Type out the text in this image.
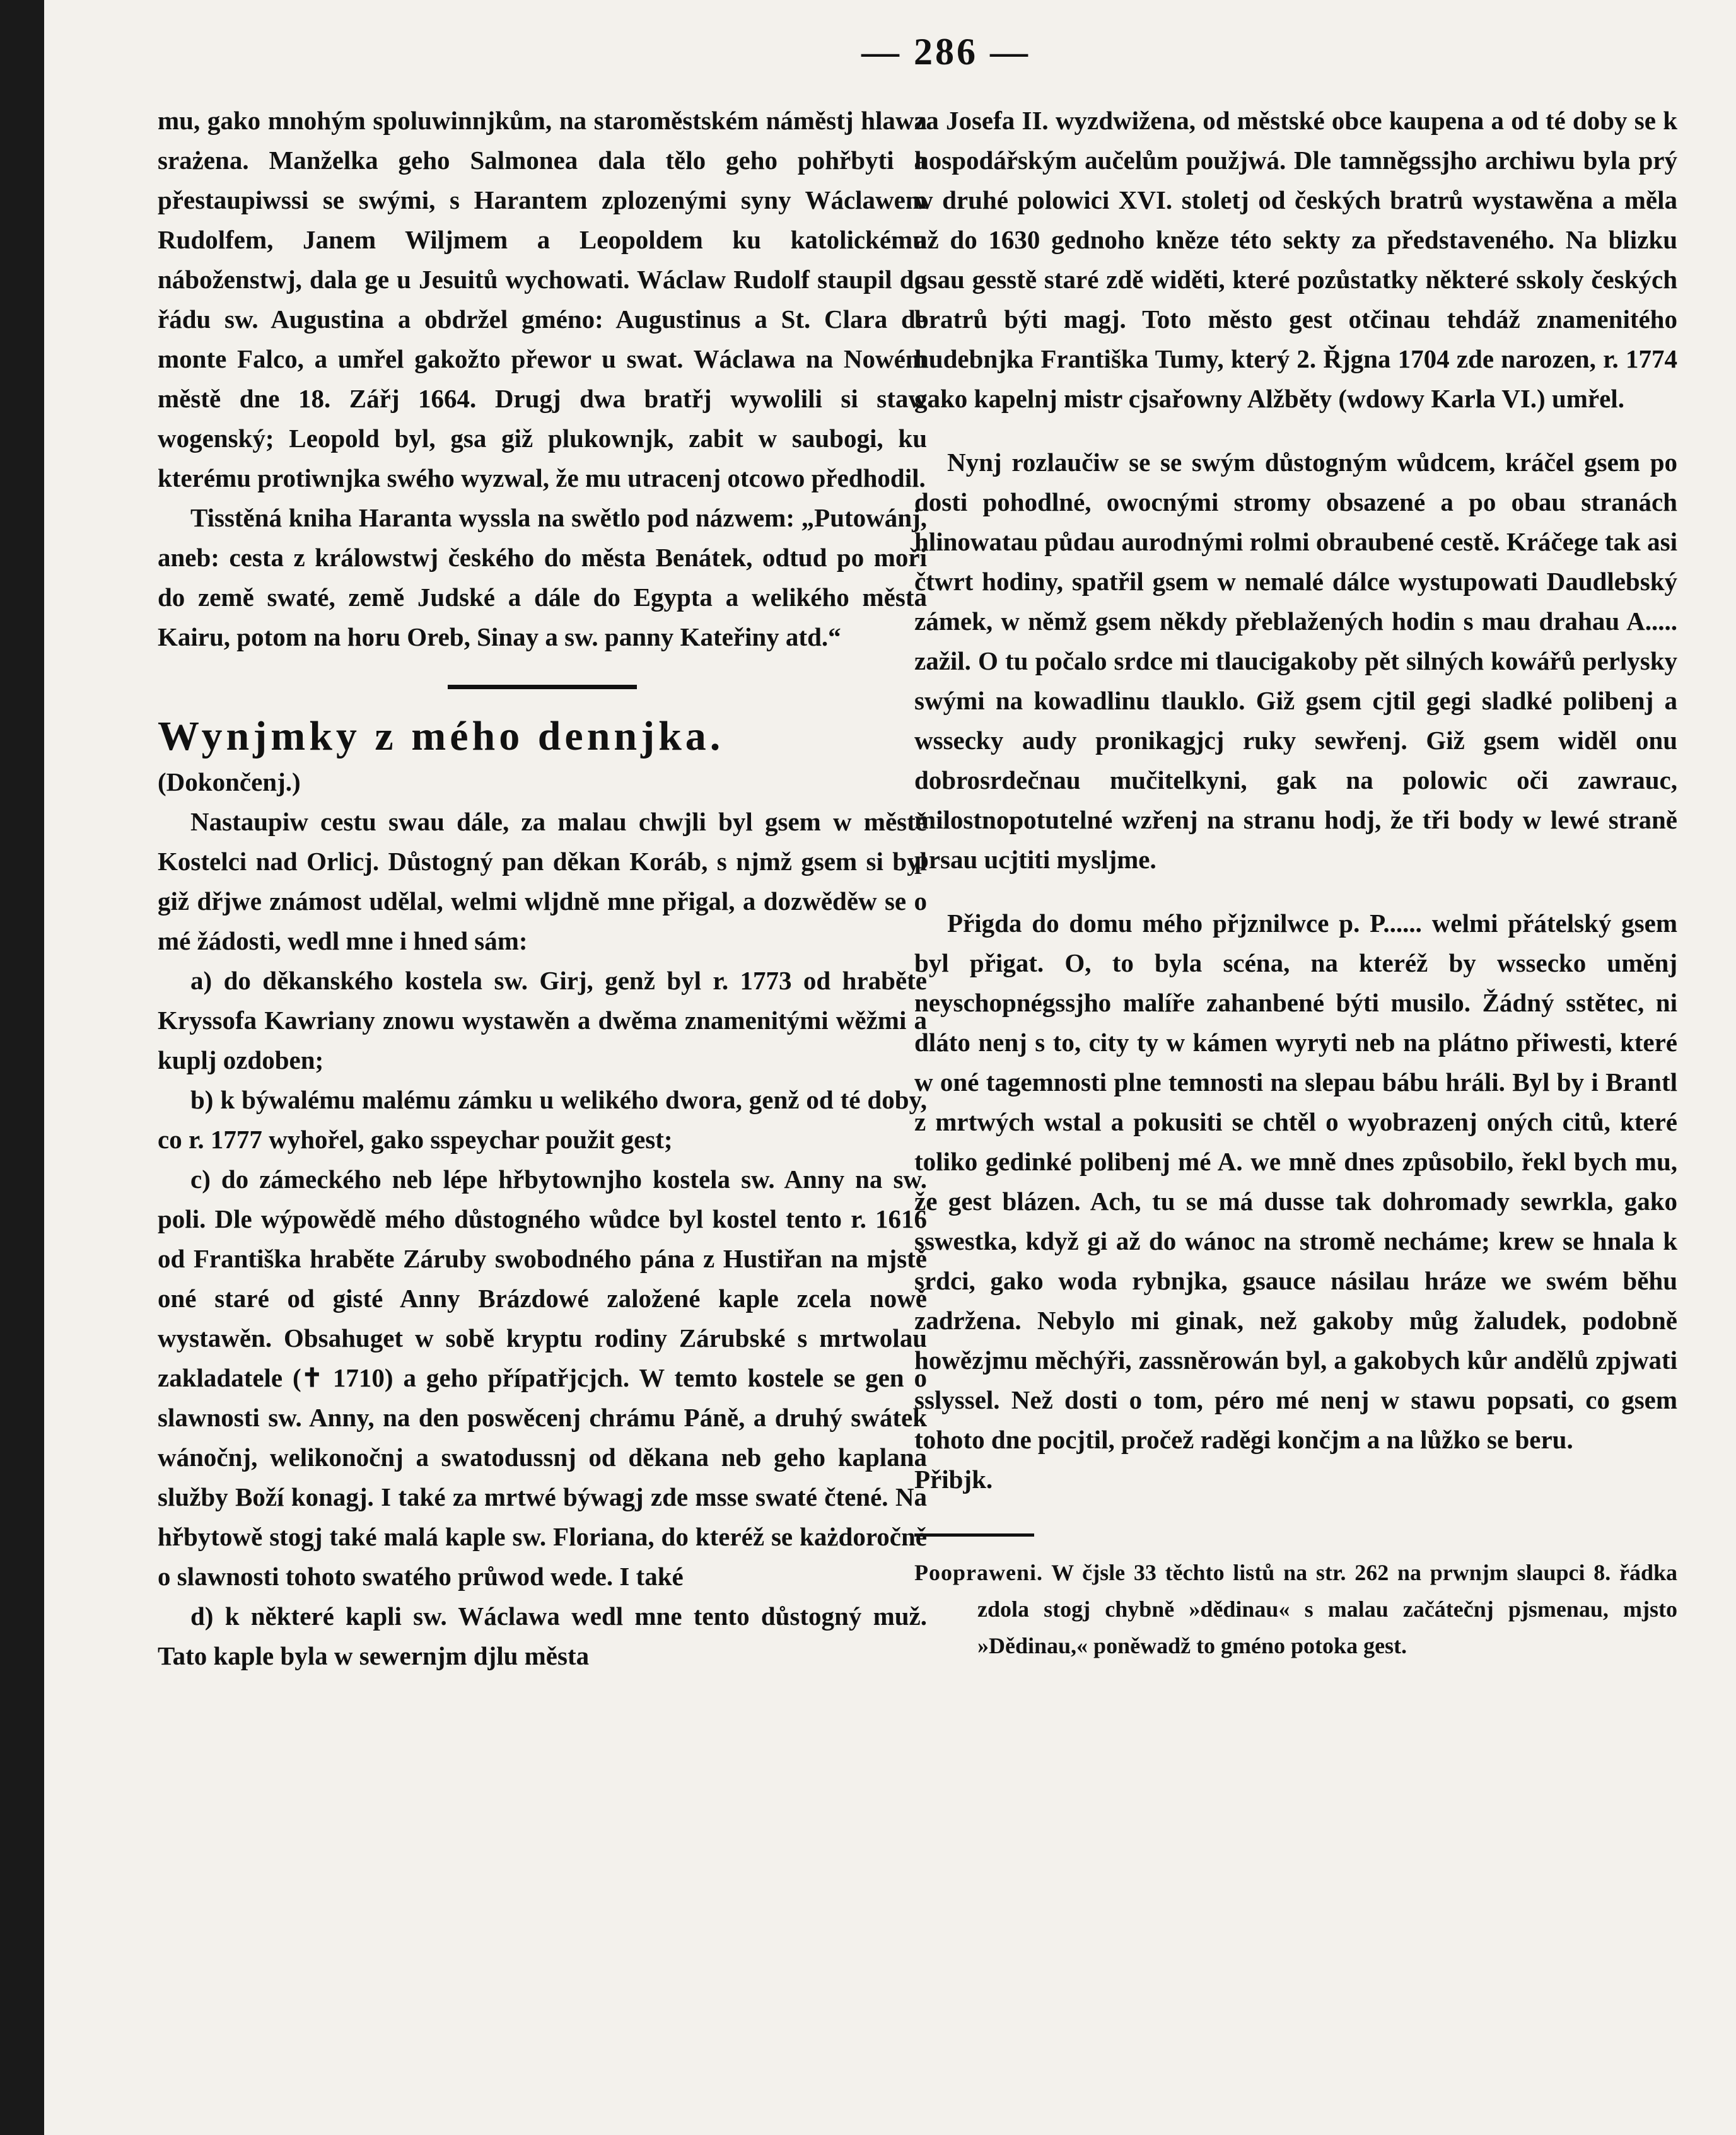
— 286 —

mu, gako mnohým spoluwinnjkům, na staroměstském náměstj hlawa srażena. Manželka geho Salmonea dala tělo geho pohřbyti a přestaupiwssi se swými, s Harantem zplozenými syny Wáclawem Rudolfem, Janem Wiljmem a Leopoldem ku katolickému náboženstwj, dala ge u Jesuitů wychowati. Wáclaw Rudolf staupil do řádu sw. Augustina a obdržel gméno: Augustinus a St. Clara de monte Falco, a umřel gakožto přewor u swat. Wáclawa na Nowém městě dne 18. Zářj 1664. Drugj dwa bratřj wywolili si staw wogenský; Leopold byl, gsa giž plukownjk, zabit w saubogi, ku kterému protiwnjka swého wyzwal, že mu utracenj otcowo předhodil.

Tisstěná kniha Haranta wyssla na swětlo pod názwem: „Putowánj, aneb: cesta z králowstwj českého do města Benátek, odtud po moři do země swaté, země Judské a dále do Egypta a welikého města Kairu, potom na horu Oreb, Sinay a sw. panny Kateřiny atd.“

Wynjmky z mého dennjka.

(Dokončenj.)

Nastaupiw cestu swau dále, za malau chwjli byl gsem w městě Kostelci nad Orlicj. Důstogný pan děkan Koráb, s njmž gsem si byl giž dřjwe známost udělal, welmi wljdně mne přigal, a dozwěděw se o mé žádosti, wedl mne i hned sám:

a) do děkanského kostela sw. Girj, genž byl r. 1773 od hraběte Kryssofa Kawriany znowu wystawěn a dwěma znamenitými wěžmi a kuplj ozdoben;

b) k býwalému malému zámku u welikého dwora, genž od té doby, co r. 1777 wyhořel, gako sspeychar použit gest;

c) do zámeckého neb lépe hřbytownjho kostela sw. Anny na sw. poli. Dle wýpowědě mého důstogného wůdce byl kostel tento r. 1616 od Františka hraběte Záruby swobodného pána z Hustiřan na mjstě oné staré od gisté Anny Brázdowé založené kaple zcela nowě wystawěn. Obsahuget w sobě kryptu rodiny Zárubské s mrtwolau zakladatele (✝ 1710) a geho přípatřjcjch. W temto kostele se gen o slawnosti sw. Anny, na den poswěcenj chrámu Páně, a druhý swátek wánočnj, welikonočnj a swatodussnj od děkana neb geho kaplana služby Boží konagj. I také za mrtwé býwagj zde msse swaté čtené. Na hřbytowě stogj také malá kaple sw. Floriana, do kteréž se każdoročně o slawnosti tohoto swatého průwod wede. I také

d) k některé kapli sw. Wáclawa wedl mne tento důstogný muž. Tato kaple byla w sewernjm djlu města

za Josefa II. wyzdwižena, od městské obce kaupena a od té doby se k hospodářským aučelům použjwá. Dle tamněgssjho archiwu byla prý w druhé polowici XVI. stoletj od českých bratrů wystawěna a měla až do 1630 gednoho kněze této sekty za představeného. Na blizku gsau gesstě staré zdě widěti, které pozůstatky některé sskoly českých bratrů býti magj. Toto město gest otčinau tehdáž znamenitého hudebnjka Františka Tumy, který 2. Řjgna 1704 zde narozen, r. 1774 gako kapelnj mistr cjsařowny Alžběty (wdowy Karla VI.) umřel.

Nynj rozlaučiw se se swým důstogným wůdcem, kráčel gsem po dosti pohodlné, owocnými stromy obsazené a po obau stranách hlinowatau půdau aurodnými rolmi obraubené cestě. Kráčege tak asi čtwrt hodiny, spatřil gsem w nemalé dálce wystupowati Daudlebský zámek, w němž gsem někdy přeblažených hodin s mau drahau A..... zažil. O tu počalo srdce mi tlaucigakoby pět silných kowářů perlysky swými na kowadlinu tlauklo. Giž gsem cjtil gegi sladké polibenj a wssecky audy pronikagjcj ruky sewřenj. Giž gsem widěl onu dobrosrdečnau mučitelkyni, gak na polowic oči zawrauc, milostnopotutelné wzřenj na stranu hodj, že tři body w lewé straně prsau ucjtiti mysljme.

Přigda do domu mého přjznilwce p. P...... welmi přátelský gsem byl přigat. O, to byla scéna, na kteréž by wssecko uměnj neyschopnégssjho malíře zahanbené býti musilo. Žádný sstětec, ni dláto nenj s to, city ty w kámen wyryti neb na plátno přiwesti, které w oné tagemnosti plne temnosti na slepau bábu hráli. Byl by i Brantl z mrtwých wstal a pokusiti se chtěl o wyobrazenj oných citů, které toliko gedinké polibenj mé A. we mně dnes způsobilo, řekl bych mu, že gest blázen. Ach, tu se má dusse tak dohromady sewrkla, gako sswestka, když gi až do wánoc na stromě necháme; krew se hnala k srdci, gako woda rybnjka, gsauce násilau hráze we swém běhu zadržena. Nebylo mi ginak, než gakoby můg žaludek, podobně howězjmu měchýři, zassněrowán byl, a gakobych kůr andělů zpjwati sslyssel. Než dosti o tom, péro mé nenj w stawu popsati, co gsem tohoto dne pocjtil, pročež raděgi končjm a na lůžko se beru.

Přibjk.

Poopraweni. W čjsle 33 těchto listů na str. 262 na prwnjm slaupci 8. řádka zdola stogj chybně »dědinau« s malau začátečnj pjsmenau, mjsto »Dědinau,« poněwadž to gméno potoka gest.
